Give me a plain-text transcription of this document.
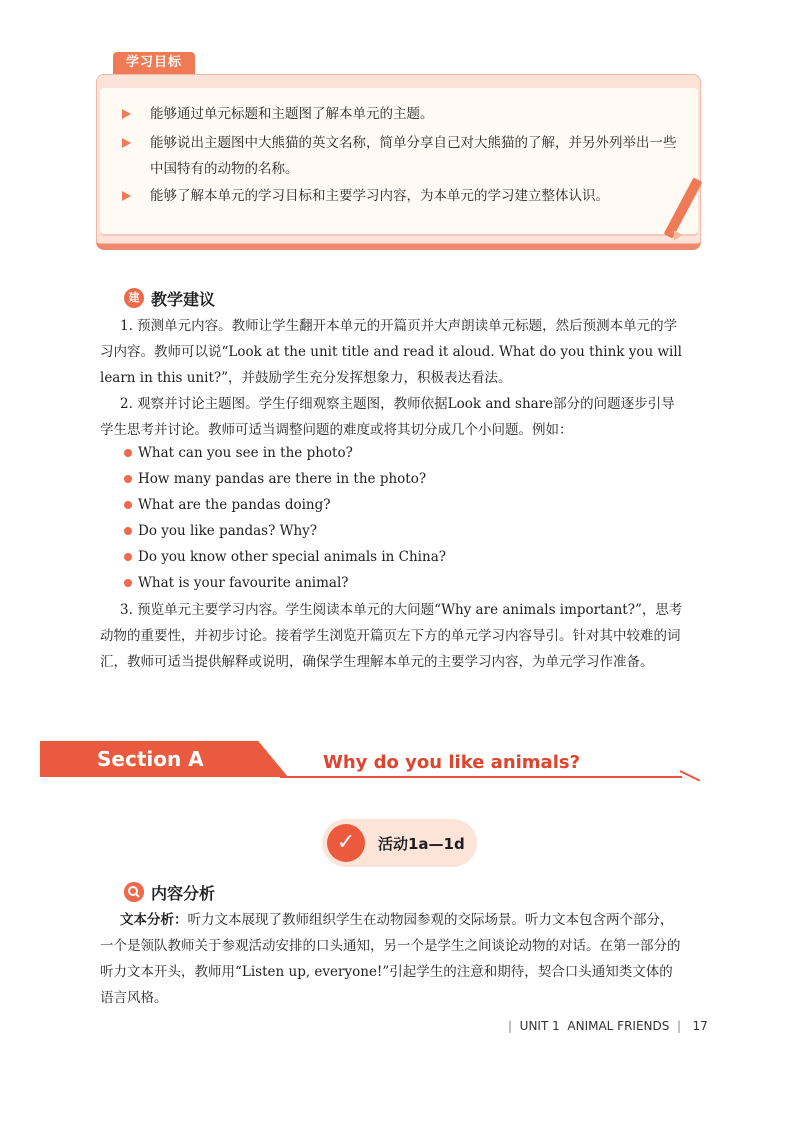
学习目标
能够通过单元标题和主题图了解本单元的主题。
能够说出主题图中大熊猫的英文名称，简单分享自己对大熊猫的了解，并另外列举出一些中国特有的动物的名称。
能够了解本单元的学习目标和主要学习内容，为本单元的学习建立整体认识。
建 教学建议
1. 预测单元内容。教师让学生翻开本单元的开篇页并大声朗读单元标题，然后预测本单元的学习内容。教师可以说“Look at the unit title and read it aloud. What do you think you will learn in this unit?”，并鼓励学生充分发挥想象力，积极表达看法。
2. 观察并讨论主题图。学生仔细观察主题图，教师依据Look and share部分的问题逐步引导学生思考并讨论。教师可适当调整问题的难度或将其切分成几个小问题。例如：
What can you see in the photo?
How many pandas are there in the photo?
What are the pandas doing?
Do you like pandas? Why?
Do you know other special animals in China?
What is your favourite animal?
3. 预览单元主要学习内容。学生阅读本单元的大问题“Why are animals important?”，思考动物的重要性，并初步讨论。接着学生浏览开篇页左下方的单元学习内容导引。针对其中较难的词汇，教师可适当提供解释或说明，确保学生理解本单元的主要学习内容，为单元学习作准备。
Section A	Why do you like animals?
✓	活动1a—1d
内容分析
文本分析：听力文本展现了教师组织学生在动物园参观的交际场景。听力文本包含两个部分，一个是领队教师关于参观活动安排的口头通知，另一个是学生之间谈论动物的对话。在第一部分的听力文本开头，教师用“Listen up, everyone!”引起学生的注意和期待，契合口头通知类文体的语言风格。
|  UNIT 1 ANIMAL FRIENDS  |   17
